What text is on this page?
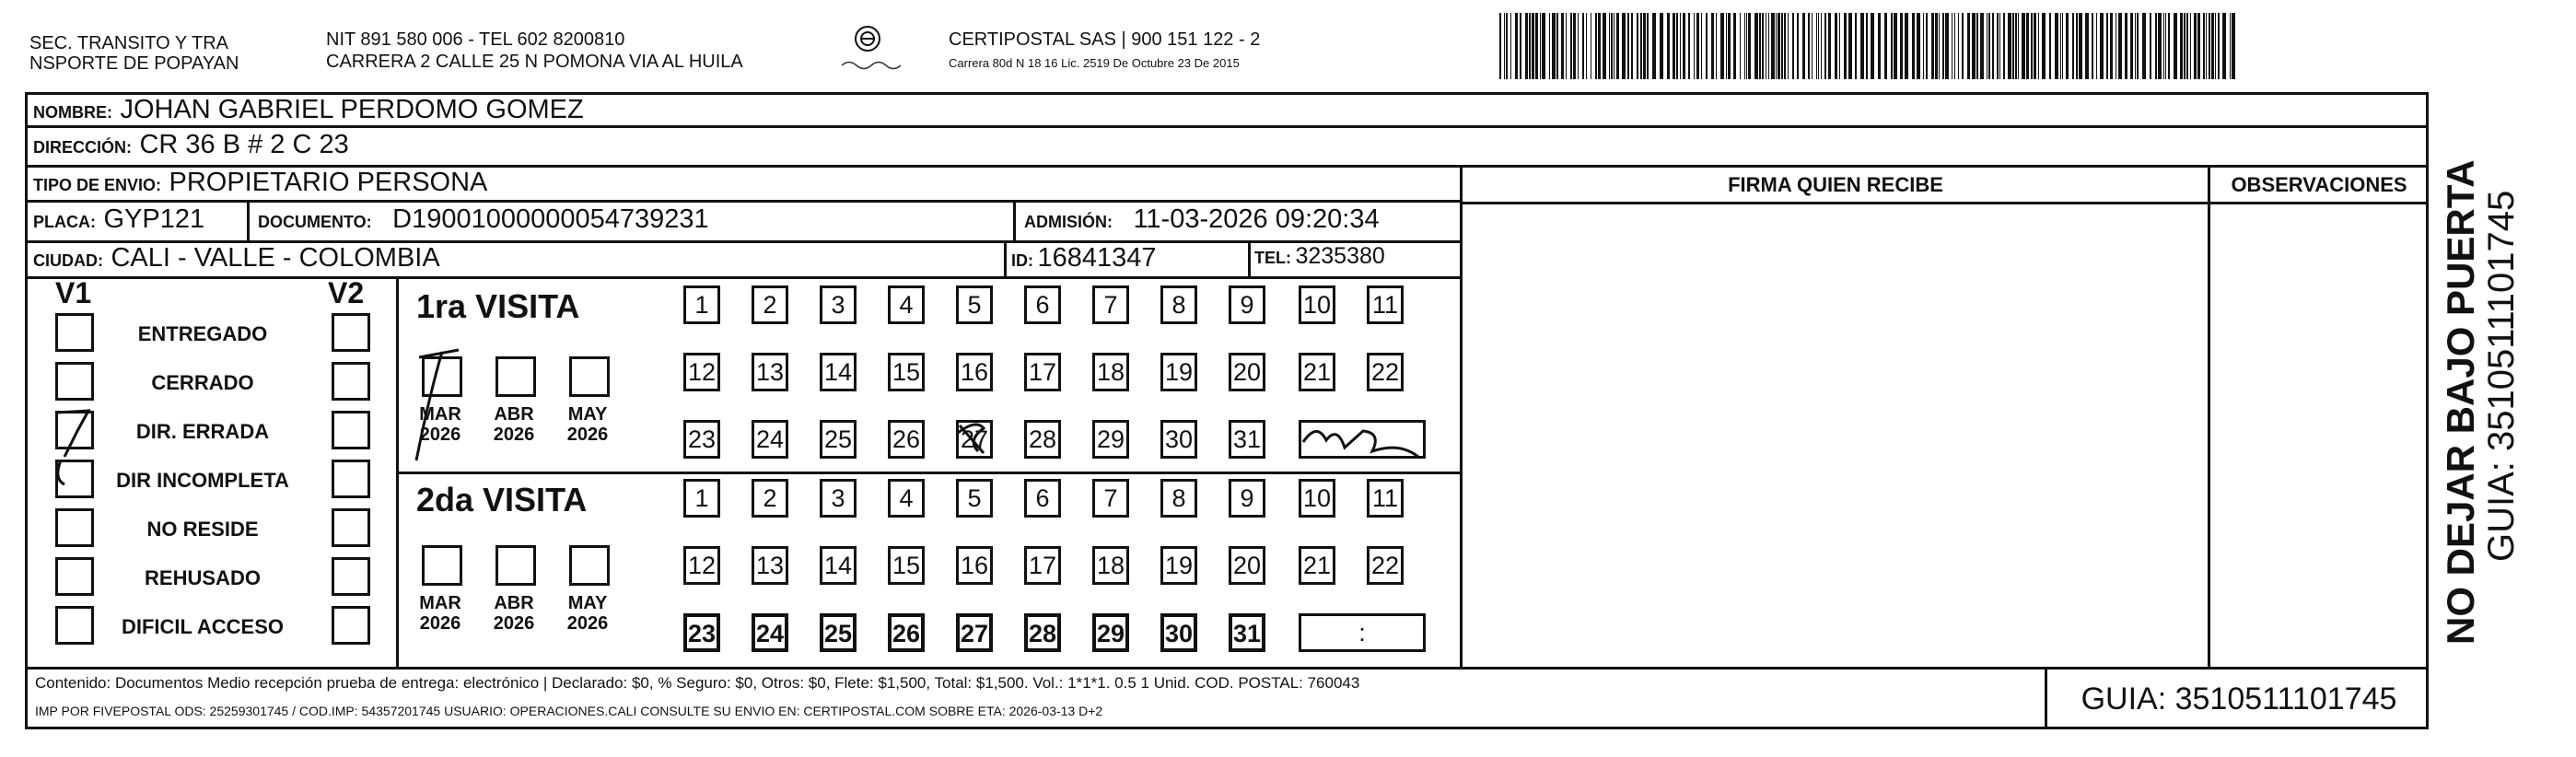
SEC. TRANSITO Y TRA
NSPORTE DE POPAYAN
NIT 891 580 006 - TEL 602 8200810
CARRERA 2 CALLE 25 N POMONA VIA AL HUILA
CERTIPOSTAL SAS | 900 151 122 - 2
Carrera 80d N 18 16 Lic. 2519 De Octubre 23 De 2015
NOMBRE: JOHAN GABRIEL PERDOMO GOMEZ
DIRECCIÓN: CR 36 B # 2 C 23
TIPO DE ENVIO: PROPIETARIO PERSONA
PLACA: GYP121	DOCUMENTO: D19001000000054739231	ADMISIÓN: 11-03-2026 09:20:34
CIUDAD: CALI - VALLE - COLOMBIA	ID: 16841347	TEL: 3235380
FIRMA QUIEN RECIBE	OBSERVACIONES
V1	V2
ENTREGADO
CERRADO
DIR. ERRADA
DIR INCOMPLETA
NO RESIDE
REHUSADO
DIFICIL ACCESO
1ra VISITA
2da VISITA
MAR
2026
ABR
2026
MAY
2026
1	2	3	4	5	6	7	8	9	10 11
12 13 14 15 16 17 18 19 20 21 22
23 24 25 26 27 28 29 30 31
MAR
2026
ABR
2026
MAY
2026
1	2	3	4	5	6	7	8	9	10 11
12 13 14 15 16 17 18 19 20 21 22
23 24 25 26 27 28 29 30 31	:	NO DEJAR BAJO PUERTA GUIA: 3510511101745
Contenido: Documentos Medio recepción prueba de entrega: electrónico | Declarado: $0, % Seguro: $0, Otros: $0, Flete: $1,500, Total: $1,500. Vol.: 1*1*1. 0.5 1 Unid. COD. POSTAL: 760043
IMP POR FIVEPOSTAL ODS: 25259301745 / COD.IMP: 54357201745 USUARIO: OPERACIONES.CALI CONSULTE SU ENVIO EN: CERTIPOSTAL.COM SOBRE ETA: 2026-03-13 D+2	GUIA: 3510511101745
